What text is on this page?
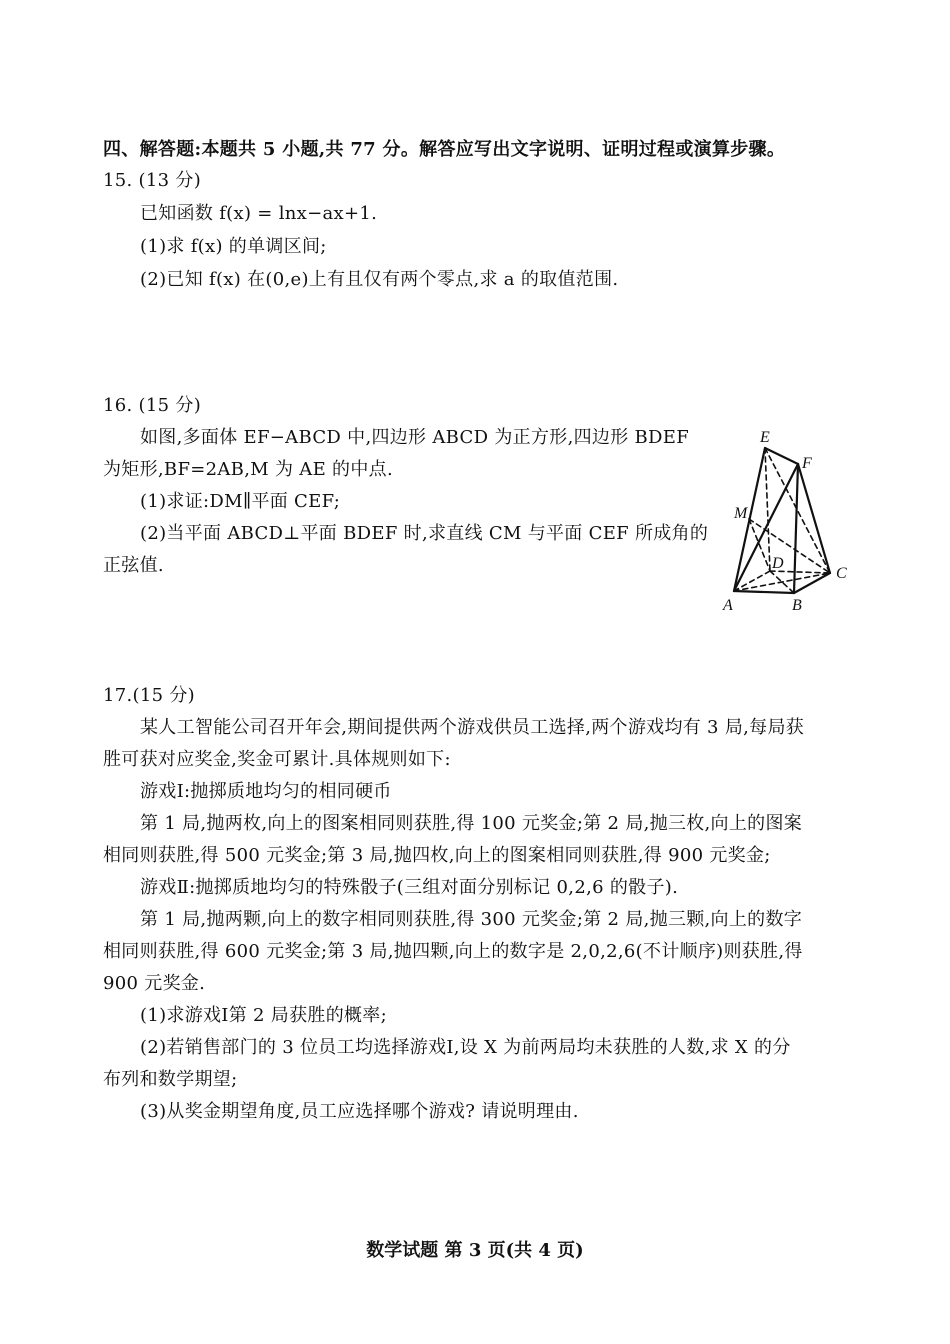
四、解答题:本题共 5 小题,共 77 分。解答应写出文字说明、证明过程或演算步骤。
15. (13 分)
已知函数 f(x) = lnx−ax+1.
(1)求 f(x) 的单调区间;
(2)已知 f(x) 在(0,e)上有且仅有两个零点,求 a 的取值范围.
16. (15 分)
如图,多面体 EF−ABCD 中,四边形 ABCD 为正方形,四边形 BDEF
为矩形,BF=2AB,M 为 AE 的中点.
(1)求证:DM∥平面 CEF;
(2)当平面 ABCD⊥平面 BDEF 时,求直线 CM 与平面 CEF 所成角的
正弦值.
E
F
M
D
C
A	B
17.(15 分)
某人工智能公司召开年会,期间提供两个游戏供员工选择,两个游戏均有 3 局,每局获
胜可获对应奖金,奖金可累计.具体规则如下:
游戏Ⅰ:抛掷质地均匀的相同硬币
第 1 局,抛两枚,向上的图案相同则获胜,得 100 元奖金;第 2 局,抛三枚,向上的图案
相同则获胜,得 500 元奖金;第 3 局,抛四枚,向上的图案相同则获胜,得 900 元奖金;
游戏Ⅱ:抛掷质地均匀的特殊骰子(三组对面分别标记 0,2,6 的骰子).
第 1 局,抛两颗,向上的数字相同则获胜,得 300 元奖金;第 2 局,抛三颗,向上的数字
相同则获胜,得 600 元奖金;第 3 局,抛四颗,向上的数字是 2,0,2,6(不计顺序)则获胜,得
900 元奖金.
(1)求游戏Ⅰ第 2 局获胜的概率;
(2)若销售部门的 3 位员工均选择游戏Ⅰ,设 X 为前两局均未获胜的人数,求 X 的分
布列和数学期望;
(3)从奖金期望角度,员工应选择哪个游戏? 请说明理由.
数学试题 第 3 页(共 4 页)
